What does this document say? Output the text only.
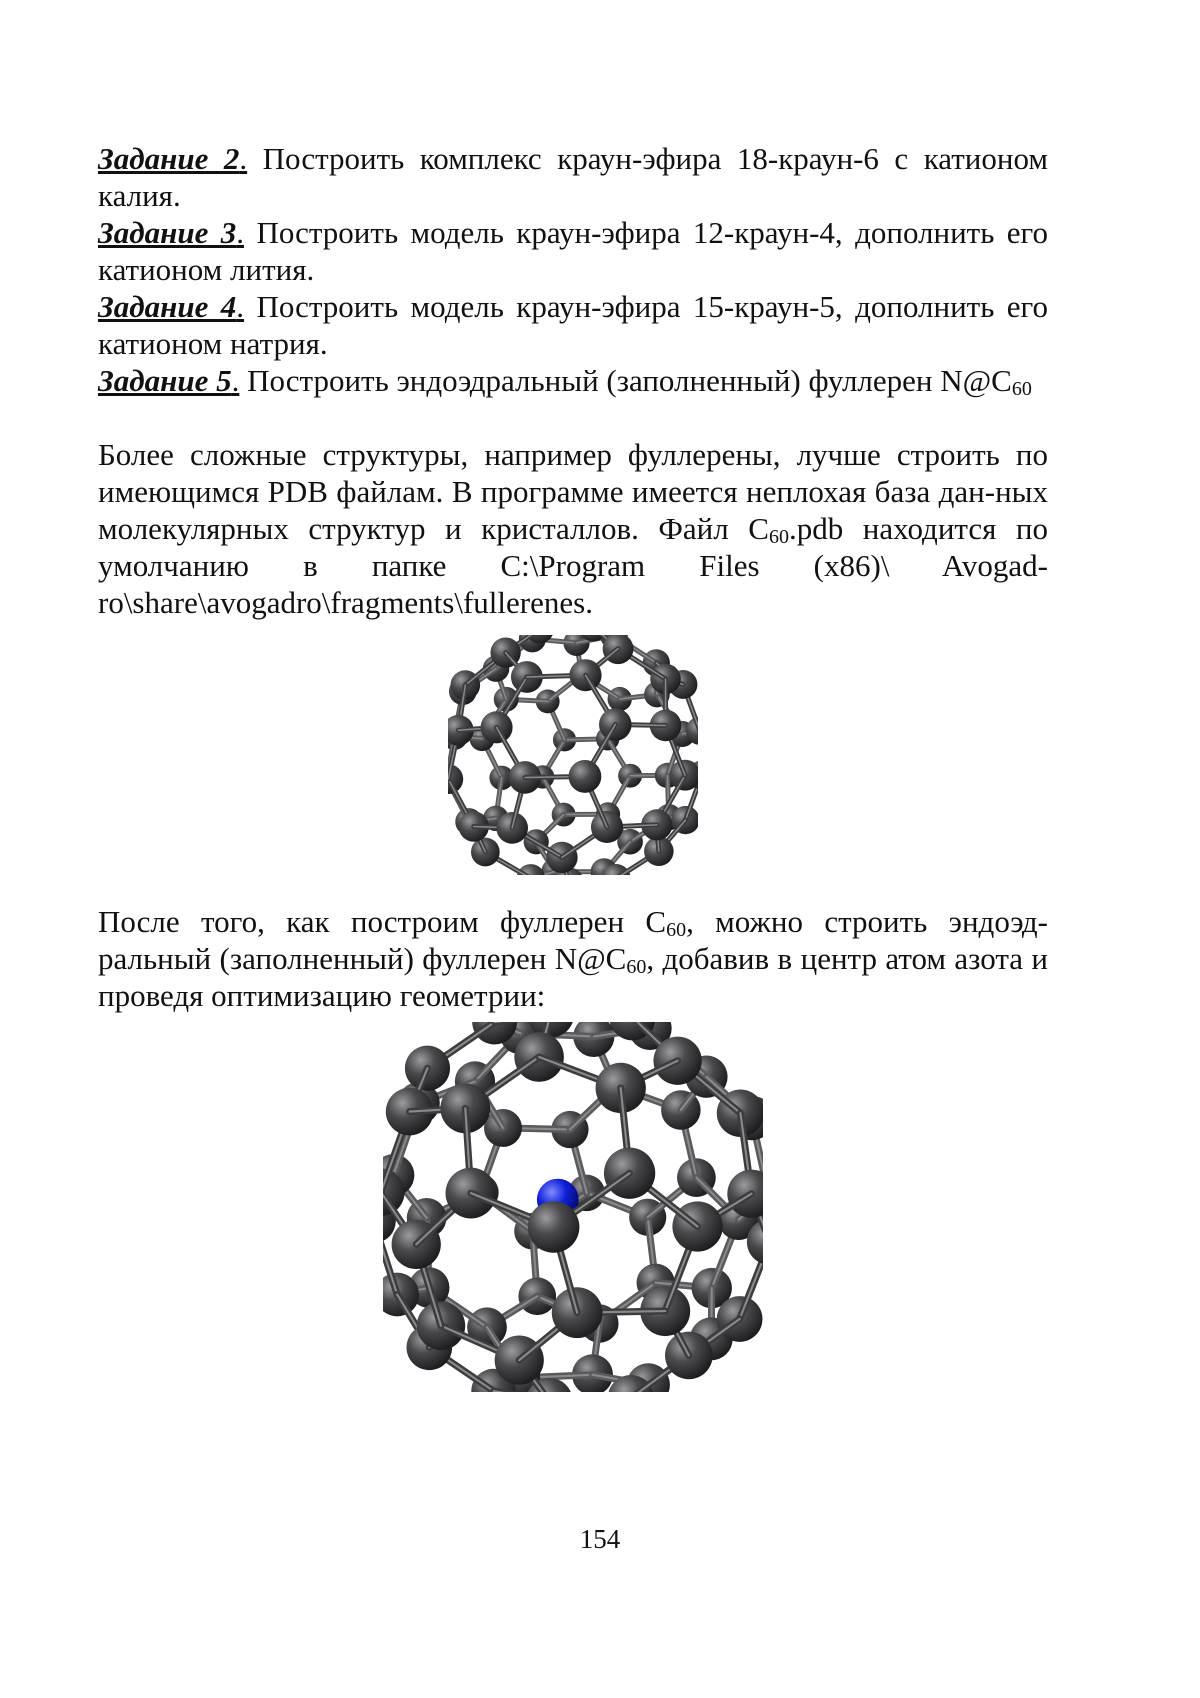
Задание 2. Построить комплекс краун-эфира 18-краун-6 с катионом калия.

Задание 3. Построить модель краун-эфира 12-краун-4, дополнить его катионом лития.

Задание 4. Построить модель краун-эфира 15-краун-5, дополнить его катионом натрия.

Задание 5. Построить эндоэдральный (заполненный) фуллерен $N@C_{60}$

Более сложные структуры, например фуллерены, лучше строить по имеющимся PDB файлам. В программе имеется неплохая база дан-ных молекулярных структур и кристаллов. Файл $C_{60}.pdb$ находится по умолчанию в папке C:\Program Files (x86)\ Avogad-ro\share\avogadro\fragments\fullerenes.

После того, как построим фуллерен $C_{60}$, можно строить эндоэд-ральный (заполненный) фуллерен $N@C_{60}$, добавив в центр атом азота и проведя оптимизацию геометрии:

154
